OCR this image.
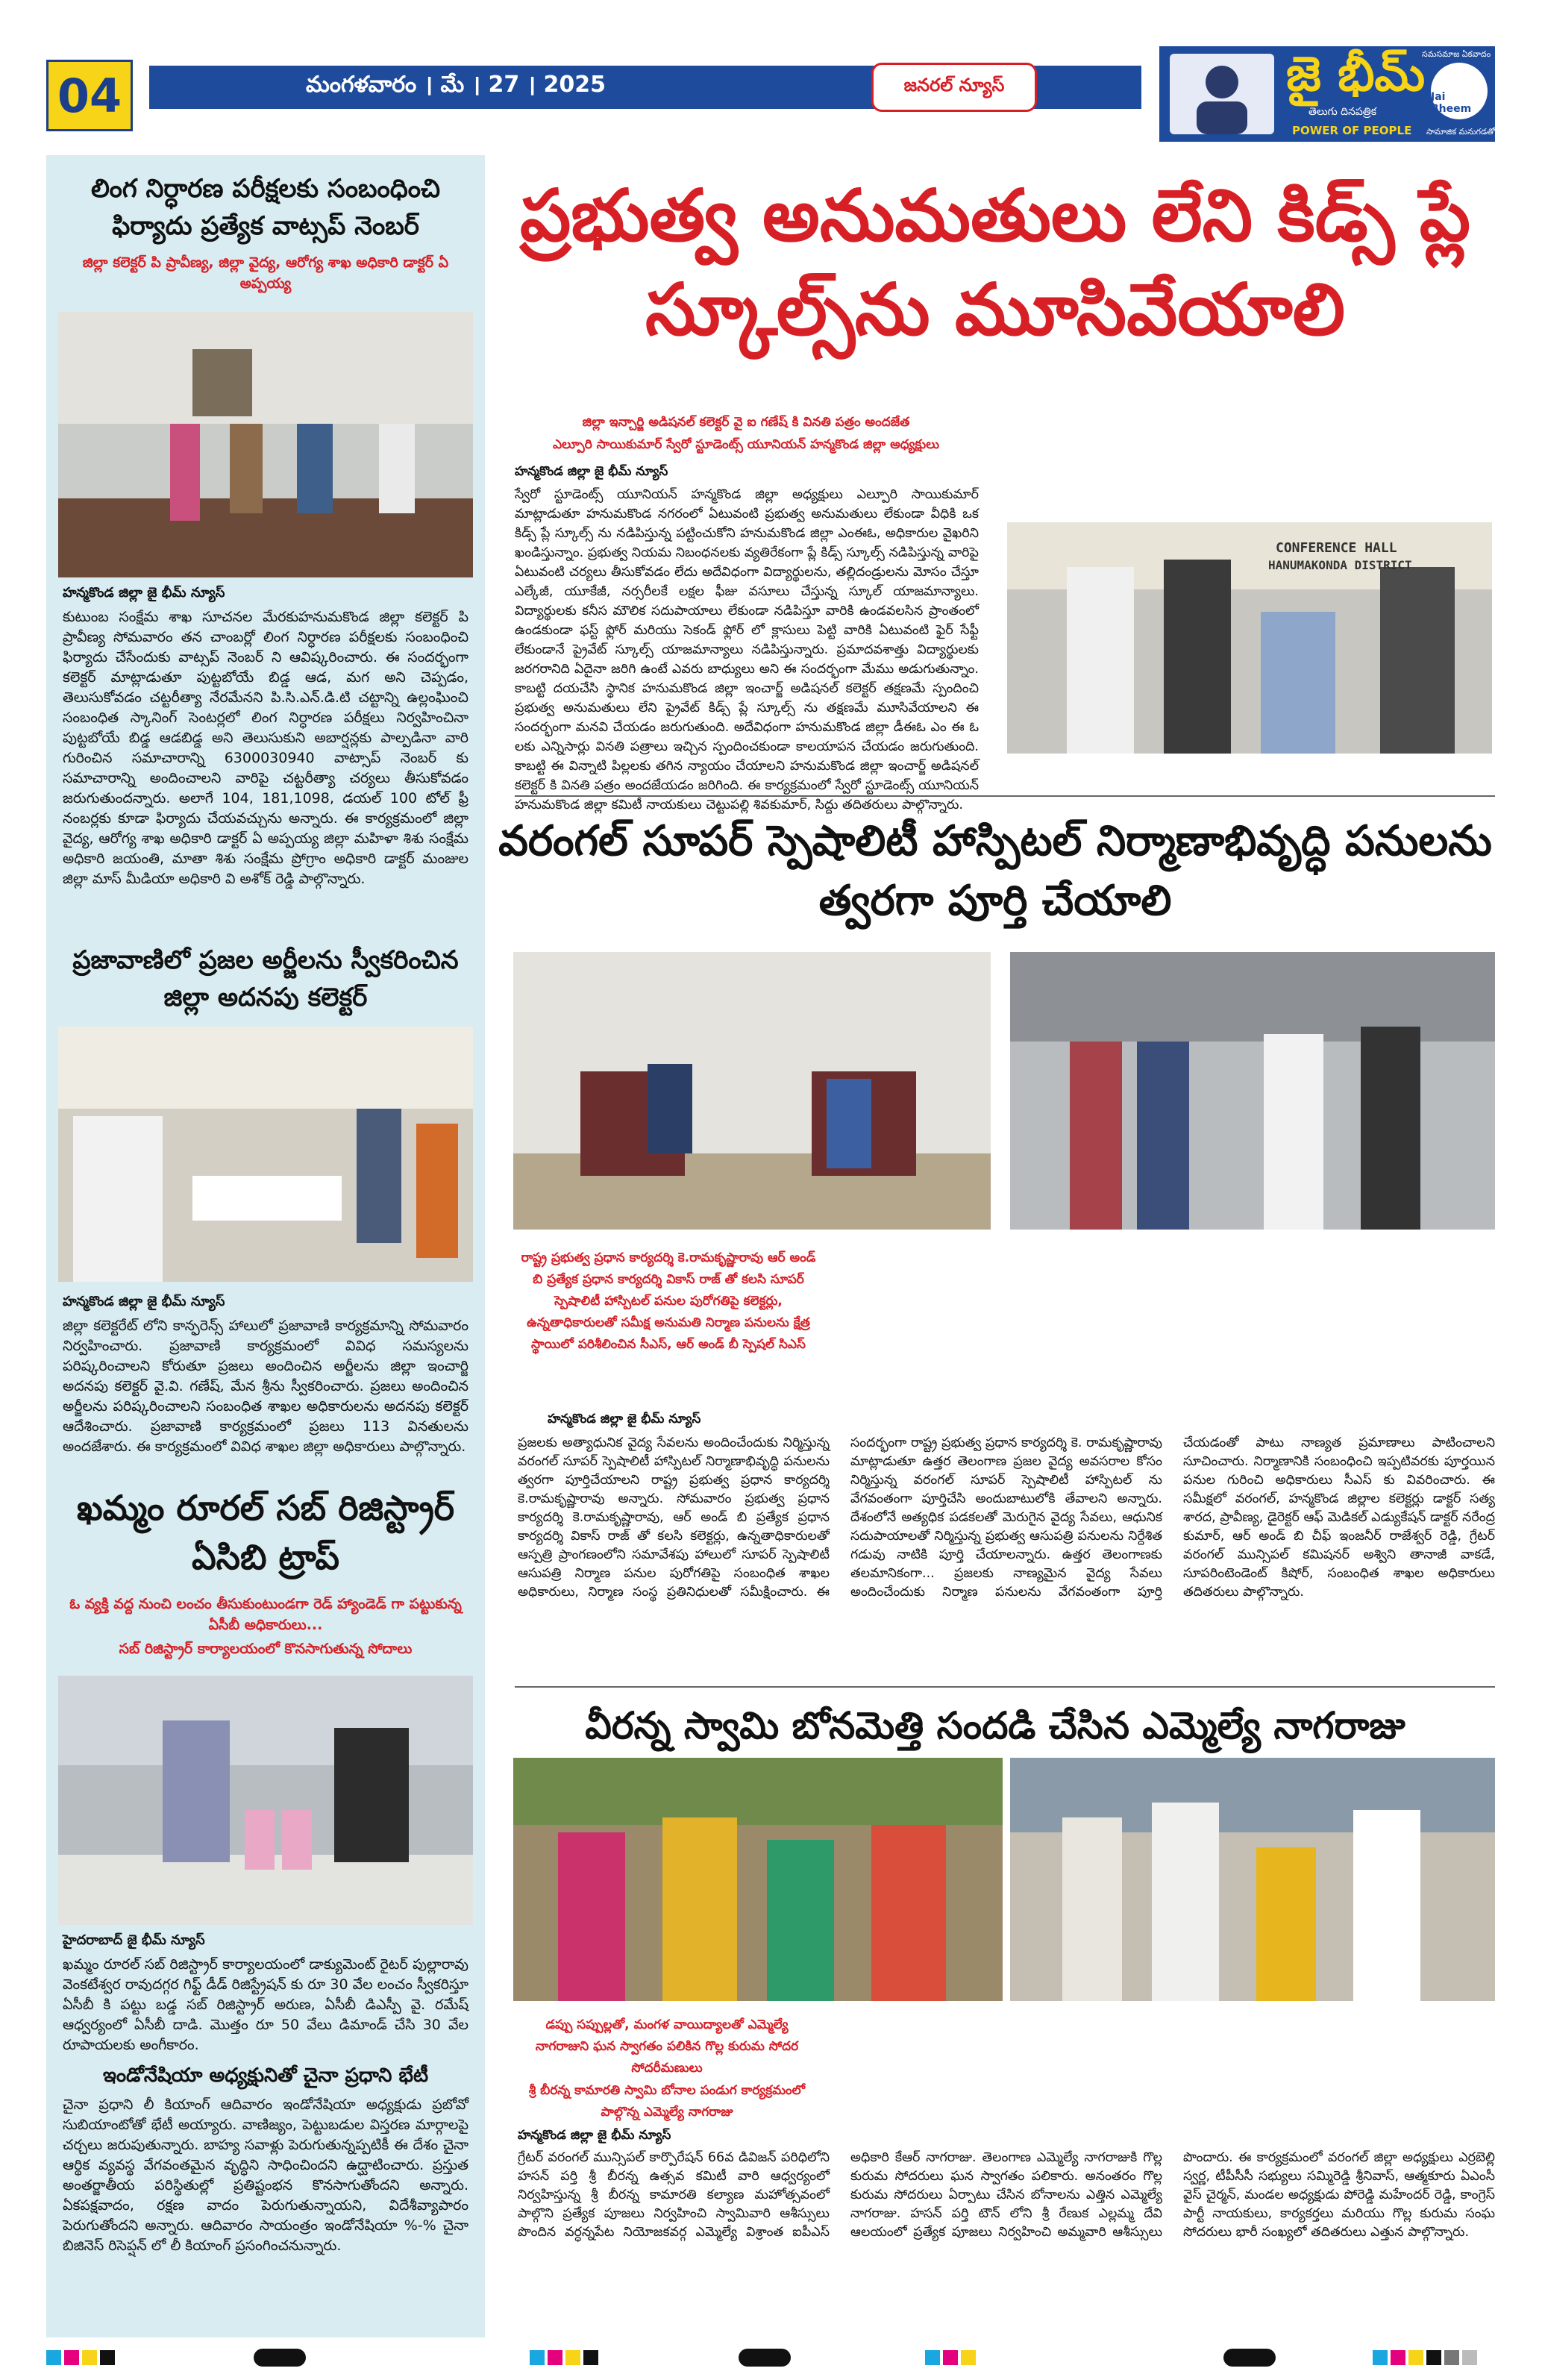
04	మంగళవారం । మే । 27 । 2025	జనరల్ న్యూస్	జై భీమ్
తెలుగు దినపత్రిక
POWER OF PEOPLE
సమసమాజ ఏకవాదం
Jai Bheem
సామాజిక మనుగడతో
లింగ నిర్ధారణ పరీక్షలకు సంబంధించి ఫిర్యాదు ప్రత్యేక వాట్సప్ నెంబర్
జిల్లా కలెక్టర్ పి ప్రావీణ్య, జిల్లా వైద్య, ఆరోగ్య శాఖ అధికారి డాక్టర్ ఏ అప్పయ్య
హన్మకొండ జిల్లా జై భీమ్ న్యూస్
కుటుంబ సంక్షేమ శాఖ సూచనల మేరకుహనుమకొండ జిల్లా కలెక్టర్ పి ప్రావీణ్య సోమవారం తన చాంబర్లో లింగ నిర్ధారణ పరీక్షలకు సంబంధించి ఫిర్యాదు చేసేందుకు వాట్సప్ నెంబర్ ని ఆవిష్కరించారు. ఈ సందర్భంగా కలెక్టర్ మాట్లాడుతూ పుట్టబోయే బిడ్డ ఆడ, మగ అని చెప్పడం, తెలుసుకోవడం చట్టరీత్యా నేరమేనని పి.సి.ఎన్.డి.టి చట్టాన్ని ఉల్లంఘించి సంబంధిత స్కానింగ్ సెంటర్లలో లింగ నిర్ధారణ పరీక్షలు నిర్వహించినా పుట్టబోయే బిడ్డ ఆడబిడ్డ అని తెలుసుకుని అబార్షన్లకు పాల్పడినా వారి గురించిన సమాచారాన్ని 6300030940 వాట్సాప్ నెంబర్ కు సమాచారాన్ని అందించాలని వారిపై చట్టరీత్యా చర్యలు తీసుకోవడం జరుగుతుందన్నారు. అలాగే 104, 181,1098, డయల్ 100 టోల్ ఫ్రీ నంబర్లకు కూడా ఫిర్యాదు చేయవచ్చును అన్నారు. ఈ కార్యక్రమంలో జిల్లా వైద్య, ఆరోగ్య శాఖ అధికారి డాక్టర్ ఏ అప్పయ్య జిల్లా మహిళా శిశు సంక్షేమ అధికారి జయంతి, మాతా శిశు సంక్షేమ ప్రోగ్రాం అధికారి డాక్టర్ మంజుల జిల్లా మాస్ మీడియా అధికారి వి అశోక్ రెడ్డి పాల్గొన్నారు.
ప్రజావాణిలో ప్రజల అర్జీలను స్వీకరించిన జిల్లా అదనపు కలెక్టర్
హన్మకొండ జిల్లా జై భీమ్ న్యూస్
జిల్లా కలెక్టరేట్ లోని కాన్ఫరెన్స్ హాలులో ప్రజావాణి కార్యక్రమాన్ని సోమవారం నిర్వహించారు. ప్రజావాణి కార్యక్రమంలో వివిధ సమస్యలను పరిష్కరించాలని కోరుతూ ప్రజలు అందించిన అర్జీలను జిల్లా ఇంచార్జి అదనపు కలెక్టర్ వై.వి. గణేష్, మేన శ్రీను స్వీకరించారు. ప్రజలు అందించిన అర్జీలను పరిష్కరించాలని సంబంధిత శాఖల అధికారులను అదనపు కలెక్టర్ ఆదేశించారు. ప్రజావాణి కార్యక్రమంలో ప్రజలు 113 వినతులను అందజేశారు. ఈ కార్యక్రమంలో వివిధ శాఖల జిల్లా అధికారులు పాల్గొన్నారు.
ఖమ్మం రూరల్ సబ్ రిజిస్ట్రార్ ఏసిబి ట్రాప్
ఓ వ్యక్తి వద్ద నుంచి లంచం తీసుకుంటుండగా రెడ్ హ్యాండెడ్ గా పట్టుకున్న ఏసీబీ అధికారులు...
సబ్ రిజిస్ట్రార్ కార్యాలయంలో కొనసాగుతున్న సోదాలు
హైదరాబాద్ జై భీమ్ న్యూస్
ఖమ్మం రూరల్ సబ్ రిజిస్ట్రార్ కార్యాలయంలో డాక్యుమెంట్ రైటర్ పుల్లారావు వెంకటేశ్వర రావుదగ్గర గిఫ్ట్ డీడ్ రిజిస్ట్రేషన్ కు రూ 30 వేల లంచం స్వీకరిస్తూ ఏసీబీ కి పట్టు బడ్డ సబ్ రిజిస్ట్రార్ అరుణ, ఏసీబీ డిఎస్పీ వై. రమేష్ ఆధ్వర్యంలో ఏసీబీ దాడి. మొత్తం రూ 50 వేలు డిమాండ్ చేసి 30 వేల రూపాయలకు అంగీకారం.
ఇండోనేషియా అధ్యక్షునితో చైనా ప్రధాని భేటీ
చైనా ప్రధాని లీ కియాంగ్ ఆదివారం ఇండోనేషియా అధ్యక్షుడు ప్రబోవో సుబియాంటోతో భేటీ అయ్యారు. వాణిజ్యం, పెట్టుబడుల విస్తరణ మార్గాలపై చర్చలు జరుపుతున్నారు. బాహ్య సవాళ్లు పెరుగుతున్నప్పటికీ ఈ దేశం చైనా ఆర్థిక వ్యవస్థ వేగవంతమైన వృద్ధిని సాధించిందని ఉద్ఘాటించారు. ప్రస్తుత అంతర్జాతీయ పరిస్థితుల్లో ప్రతిష్టంభన కొనసాగుతోందని అన్నారు. ఏకపక్షవాదం, రక్షణ వాదం పెరుగుతున్నాయని, విదేశీవ్యాపారం పెరుగుతోందని అన్నారు. ఆదివారం సాయంత్రం ఇండోనేషియా %-% చైనా బిజినెస్ రిసెప్షన్ లో లీ కియాంగ్ ప్రసంగించనున్నారు.
ప్రభుత్వ అనుమతులు లేని కిడ్స్ ప్లే స్కూల్స్‌ను మూసివేయాలి
జిల్లా ఇన్చార్జి అడిషనల్ కలెక్టర్ వై ఐ గణేష్ కి వినతి పత్రం అందజేత
ఎల్పూరి సాయికుమార్ స్వేరో స్టూడెంట్స్ యూనియన్ హన్మకొండ జిల్లా అధ్యక్షులు
హన్మకొండ జిల్లా జై భీమ్ న్యూస్
స్వేరో స్టూడెంట్స్ యూనియన్ హన్మకొండ జిల్లా అధ్యక్షులు ఎల్పూరి సాయికుమార్ మాట్లాడుతూ హనుమకొండ నగరంలో ఏటువంటి ప్రభుత్వ అనుమతులు లేకుండా వీధికి ఒక కిడ్స్ ప్లే స్కూల్స్ ను నడిపిస్తున్న పట్టించుకోని హనుమకొండ జిల్లా ఎంఈఓ, అధికారుల వైఖరిని ఖండిస్తున్నాం. ప్రభుత్వ నియమ నిబంధనలకు వ్యతిరేకంగా ప్లే కిడ్స్ స్కూల్స్ నడిపిస్తున్న వారిపై ఏటువంటి చర్యలు తీసుకోవడం లేదు అదేవిధంగా విద్యార్థులను, తల్లిదండ్రులను మోసం చేస్తూ ఎల్కేజీ, యూకేజీ, నర్సరీలకే లక్షల ఫీజు వసూలు చేస్తున్న స్కూల్ యాజమాన్యాలు. విద్యార్థులకు కనీస మౌలిక సదుపాయాలు లేకుండా నడిపిస్తూ వారికి ఉండవలసిన ప్రాంతంలో ఉండకుండా ఫస్ట్ ఫ్లోర్ మరియు సెకండ్ ఫ్లోర్ లో క్లాసులు పెట్టి వారికి ఏటువంటి ఫైర్ సేఫ్టీ లేకుండానే ప్రైవేట్ స్కూల్స్ యాజమాన్యాలు నడిపిస్తున్నారు. ప్రమాదవశాత్తు విద్యార్థులకు జరగరానిది ఏదైనా జరిగి ఉంటే ఎవరు బాధ్యులు అని ఈ సందర్భంగా మేము అడుగుతున్నాం. కాబట్టి దయచేసి స్థానిక హనుమకొండ జిల్లా ఇంచార్జ్ అడిషనల్ కలెక్టర్ తక్షణమే స్పందించి ప్రభుత్వ అనుమతులు లేని ప్రైవేట్ కిడ్స్ ప్లే స్కూల్స్ ను తక్షణమే మూసివేయాలని ఈ సందర్భంగా మనవి చేయడం జరుగుతుంది. అదేవిధంగా హనుమకొండ జిల్లా డీఈఓ ఎం ఈ ఓ లకు ఎన్నిసార్లు వినతి పత్రాలు ఇచ్చిన స్పందించకుండా కాలయాపన చేయడం జరుగుతుంది. కాబట్టి ఈ విన్నాటి పిల్లలకు తగిన న్యాయం చేయాలని హనుమకొండ జిల్లా ఇంచార్జ్ అడిషనల్ కలెక్టర్ కి వినతి పత్రం అందజేయడం జరిగింది. ఈ కార్యక్రమంలో స్వేరో స్టూడెంట్స్ యూనియన్ హనుమకొండ జిల్లా కమిటీ నాయకులు చెట్టుపల్లి శివకుమార్, సిద్దు తదితరులు పాల్గొన్నారు.
CONFERENCE HALL
HANUMAKONDA DISTRICT
వరంగల్ సూపర్ స్పెషాలిటీ హాస్పిటల్ నిర్మాణాభివృద్ధి పనులను త్వరగా పూర్తి చేయాలి
రాష్ట్ర ప్రభుత్వ ప్రధాన కార్యదర్శి కె.రామకృష్ణారావు ఆర్ అండ్ బి ప్రత్యేక ప్రధాన కార్యదర్శి వికాస్ రాజ్ తో కలసి సూపర్ స్పెషాలిటీ హాస్పిటల్ పనుల పురోగతిపై కలెక్టర్లు, ఉన్నతాధికారులతో సమీక్ష అనుమతి నిర్మాణ పనులను క్షేత్ర స్థాయిలో పరిశీలించిన సీఎస్, ఆర్ అండ్ బీ స్పెషల్ సిఎస్
హన్మకొండ జిల్లా జై భీమ్ న్యూస్
ప్రజలకు అత్యాధునిక వైద్య సేవలను అందించేందుకు నిర్మిస్తున్న వరంగల్ సూపర్ స్పెషాలిటీ హాస్పిటల్ నిర్మాణాభివృద్ధి పనులను త్వరగా పూర్తిచేయాలని రాష్ట్ర ప్రభుత్వ ప్రధాన కార్యదర్శి కె.రామకృష్ణారావు అన్నారు. సోమవారం ప్రభుత్వ ప్రధాన కార్యదర్శి కె.రామకృష్ణారావు, ఆర్ అండ్ బి ప్రత్యేక ప్రధాన కార్యదర్శి వికాస్ రాజ్ తో కలసి కలెక్టర్లు, ఉన్నతాధికారులతో ఆస్పత్రి ప్రాంగణంలోని సమావేశపు హాలులో సూపర్ స్పెషాలిటీ ఆసుపత్రి నిర్మాణ పనుల పురోగతిపై సంబంధిత శాఖల అధికారులు, నిర్మాణ సంస్థ ప్రతినిధులతో సమీక్షించారు. ఈ సందర్భంగా రాష్ట్ర ప్రభుత్వ ప్రధాన కార్యదర్శి కె. రామకృష్ణారావు మాట్లాడుతూ ఉత్తర తెలంగాణ ప్రజల వైద్య అవసరాల కోసం నిర్మిస్తున్న వరంగల్ సూపర్ స్పెషాలిటీ హాస్పిటల్ ను వేగవంతంగా పూర్తిచేసి అందుబాటులోకి తేవాలని అన్నారు. దేశంలోనే అత్యధిక పడకలతో మెరుగైన వైద్య సేవలు, ఆధునిక సదుపాయాలతో నిర్మిస్తున్న ప్రభుత్వ ఆసుపత్రి పనులను నిర్దేశిత గడువు నాటికి పూర్తి చేయాలన్నారు. ఉత్తర తెలంగాణకు తలమానికంగా... ప్రజలకు నాణ్యమైన వైద్య సేవలు అందించేందుకు నిర్మాణ పనులను వేగవంతంగా పూర్తి చేయడంతో పాటు నాణ్యత ప్రమాణాలు పాటించాలని సూచించారు. నిర్మాణానికి సంబంధించి ఇప్పటివరకు పూర్తయిన పనుల గురించి అధికారులు సీఎస్ కు వివరించారు. ఈ సమీక్షలో వరంగల్, హన్మకొండ జిల్లాల కలెక్టర్లు డాక్టర్ సత్య శారద, ప్రావీణ్య, డైరెక్టర్ ఆఫ్ మెడికల్ ఎడ్యుకేషన్ డాక్టర్ నరేంద్ర కుమార్, ఆర్ అండ్ బి చీఫ్ ఇంజనీర్ రాజేశ్వర్ రెడ్డి, గ్రేటర్ వరంగల్ మున్సిపల్ కమిషనర్ అశ్విని తానాజీ వాకడే, సూపరింటెండెంట్ కిషోర్, సంబంధిత శాఖల అధికారులు తదితరులు పాల్గొన్నారు.
వీరన్న స్వామి బోనమెత్తి సందడి చేసిన ఎమ్మెల్యే నాగరాజు
డప్పు సప్పుల్లతో, మంగళ వాయిద్యాలతో ఎమ్మెల్యే నాగరాజుని ఘన స్వాగతం పలికిన గొల్ల కురుమ సోదర సోదరీమణులు
శ్రీ బీరన్న కామారతి స్వామి బోనాల పండుగ కార్యక్రమంలో పాల్గొన్న ఎమ్మెల్యే నాగరాజు
హన్మకొండ జిల్లా జై భీమ్ న్యూస్
గ్రేటర్ వరంగల్ మున్సిపల్ కార్పొరేషన్ 66వ డివిజన్ పరిధిలోని హసన్ పర్తి శ్రీ బీరన్న ఉత్సవ కమిటీ వారి ఆధ్వర్యంలో నిర్వహిస్తున్న శ్రీ బీరన్న కామారతి కల్యాణ మహోత్సవంలో పాల్గొని ప్రత్యేక పూజలు నిర్వహించి స్వామివారి ఆశీస్సులు పొందిన వర్ధన్నపేట నియోజకవర్గ ఎమ్మెల్యే విశ్రాంత ఐపీఎస్ అధికారి కేఆర్ నాగరాజు. తెలంగాణ ఎమ్మెల్యే నాగరాజుకి గొల్ల కురుమ సోదరులు ఘన స్వాగతం పలికారు. అనంతరం గొల్ల కురుమ సోదరులు ఏర్పాటు చేసిన బోనాలను ఎత్తిన ఎమ్మెల్యే నాగరాజు. హసన్ పర్తి టౌన్ లోని శ్రీ రేణుక ఎల్లమ్మ దేవి ఆలయంలో ప్రత్యేక పూజలు నిర్వహించి అమ్మవారి ఆశీస్సులు పొందారు. ఈ కార్యక్రమంలో వరంగల్ జిల్లా అధ్యక్షులు ఎర్రబెల్లి స్వర్ణ, టీపీసీసీ సభ్యులు సమ్మిరెడ్డి శ్రీనివాస్, ఆత్మకూరు ఏఎంసీ వైస్ చైర్మన్, మండల అధ్యక్షుడు పోరెడ్డి మహేందర్ రెడ్డి, కాంగ్రెస్ పార్టీ నాయకులు, కార్యకర్తలు మరియు గొల్ల కురుమ సంఘ సోదరులు భారీ సంఖ్యలో తదితరులు ఎత్తున పాల్గొన్నారు.
